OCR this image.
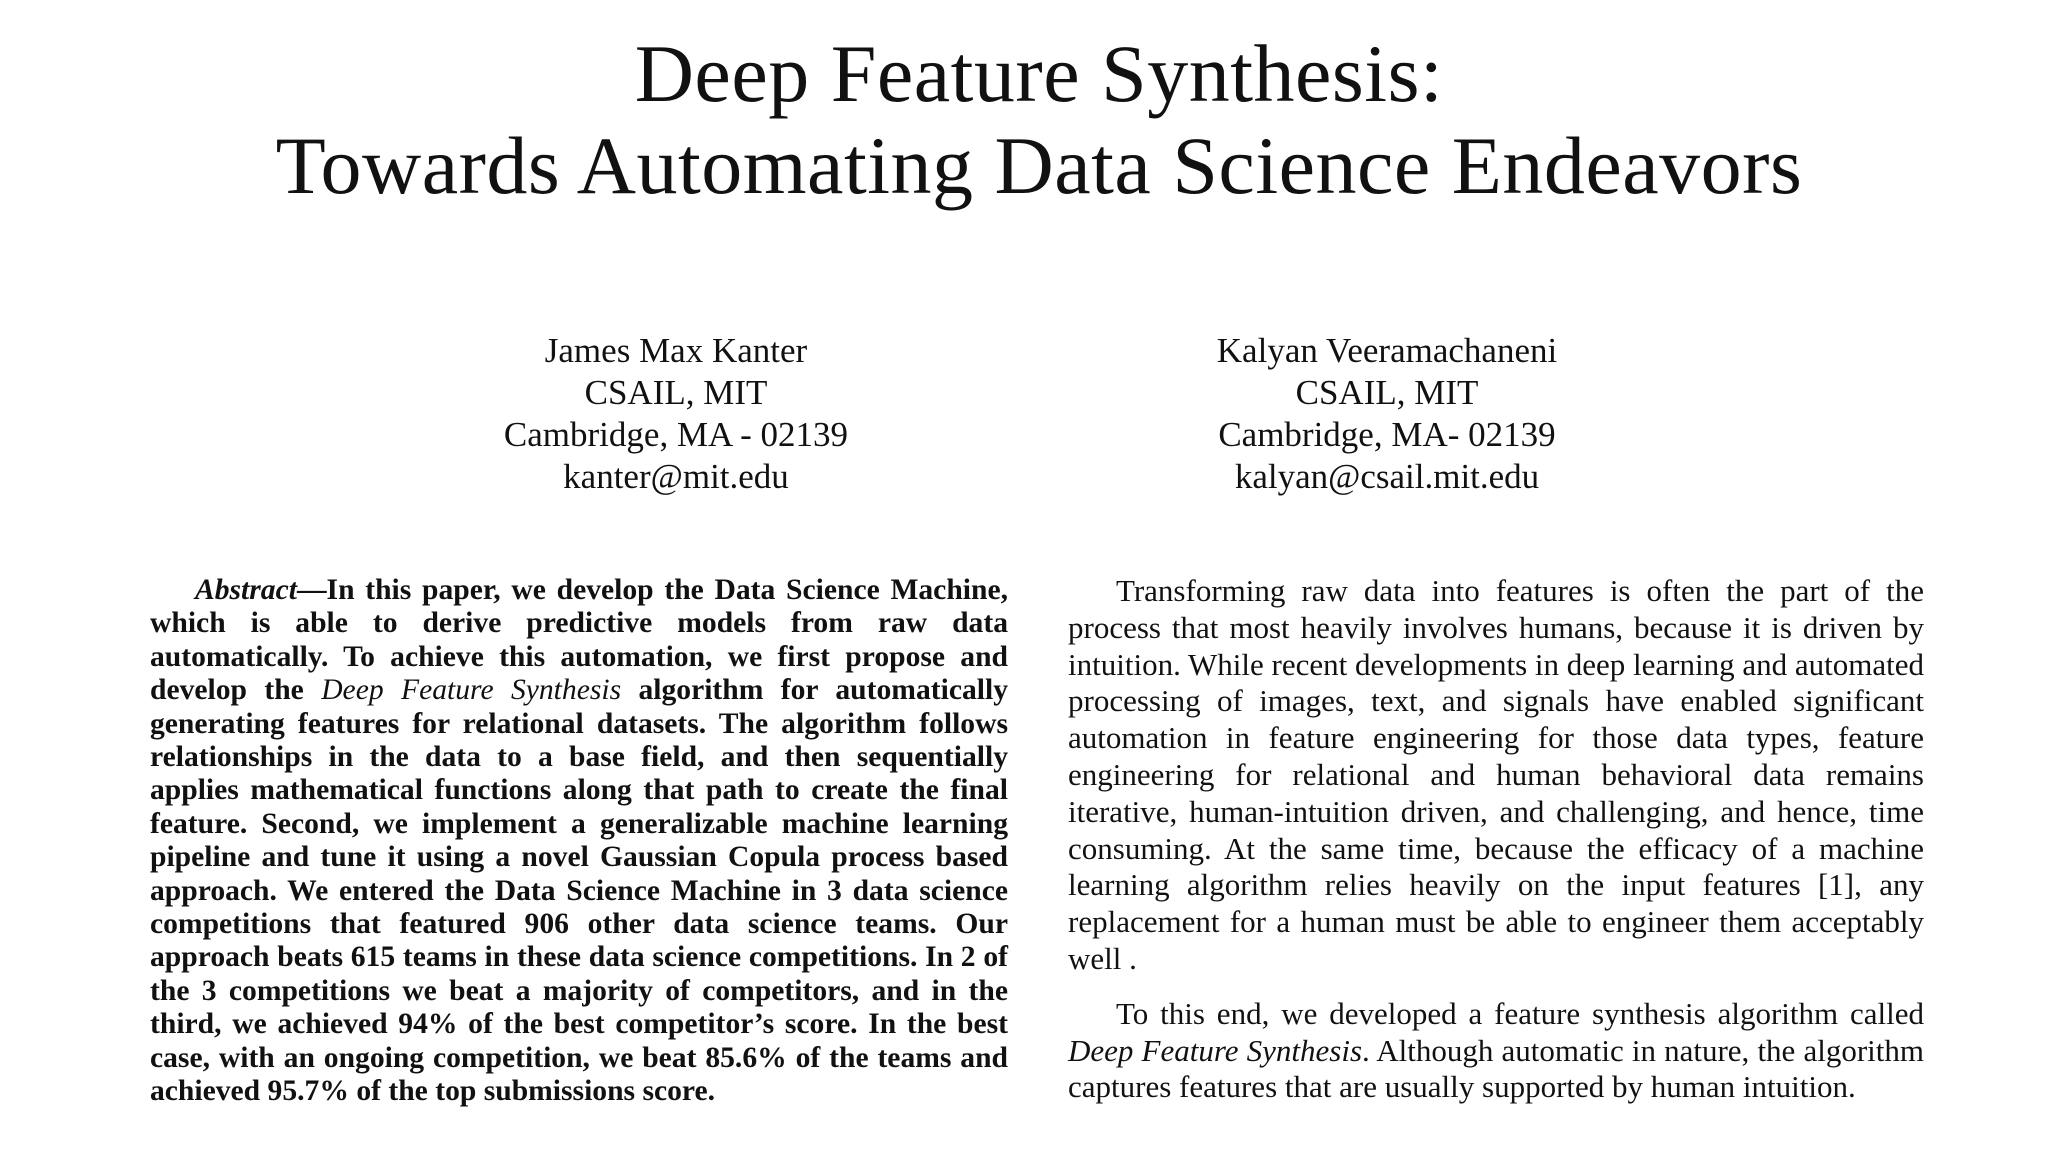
Deep Feature Synthesis:
Towards Automating Data Science Endeavors
James Max Kanter
CSAIL, MIT
Cambridge, MA - 02139
kanter@mit.edu
Kalyan Veeramachaneni
CSAIL, MIT
Cambridge, MA- 02139
kalyan@csail.mit.edu

Abstract—In this paper, we develop the Data Science Machine, which is able to derive predictive models from raw data automatically. To achieve this automation, we first propose and develop the Deep Feature Synthesis algorithm for automatically generating features for relational datasets. The algorithm follows relationships in the data to a base field, and then sequentially applies mathematical functions along that path to create the final feature. Second, we implement a generalizable machine learning pipeline and tune it using a novel Gaussian Copula process based approach. We entered the Data Science Machine in 3 data science competitions that featured 906 other data science teams. Our approach beats 615 teams in these data science competitions. In 2 of the 3 competitions we beat a majority of competitors, and in the third, we achieved 94% of the best competitor’s score. In the best case, with an ongoing competition, we beat 85.6% of the teams and achieved 95.7% of the top submissions score.

Transforming raw data into features is often the part of the process that most heavily involves humans, because it is driven by intuition. While recent developments in deep learning and automated processing of images, text, and signals have enabled significant automation in feature engineering for those data types, feature engineering for relational and human behavioral data remains iterative, human-intuition driven, and challenging, and hence, time consuming. At the same time, because the efficacy of a machine learning algorithm relies heavily on the input features [1], any replacement for a human must be able to engineer them acceptably well .

To this end, we developed a feature synthesis algorithm called Deep Feature Synthesis. Although automatic in nature, the algorithm captures features that are usually supported by human intuition.
